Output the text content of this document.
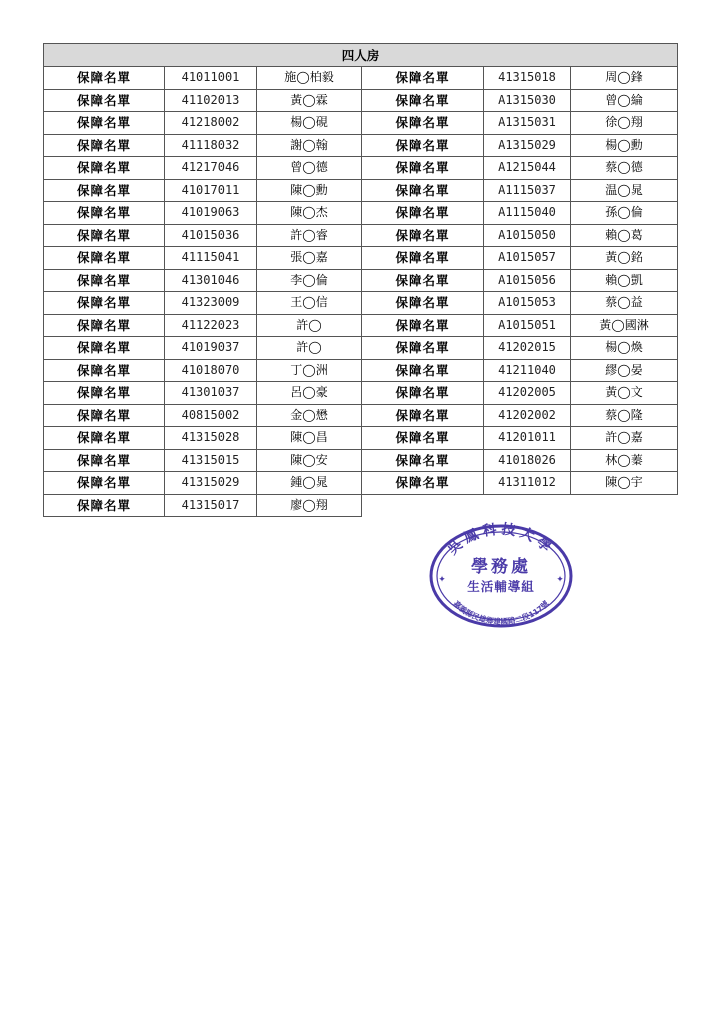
四人房					
保障名單	41011001	施◯柏毅	保障名單	41315018	周◯鋒
保障名單	41102013	黃◯霖	保障名單	A1315030	曾◯綸
保障名單	41218002	楊◯硯	保障名單	A1315031	徐◯翔
保障名單	41118032	謝◯翰	保障名單	A1315029	楊◯勳
保障名單	41217046	曾◯德	保障名單	A1215044	蔡◯德
保障名單	41017011	陳◯勳	保障名單	A1115037	温◯晁
保障名單	41019063	陳◯杰	保障名單	A1115040	孫◯倫
保障名單	41015036	許◯睿	保障名單	A1015050	賴◯葛
保障名單	41115041	張◯嘉	保障名單	A1015057	黃◯銘
保障名單	41301046	李◯倫	保障名單	A1015056	賴◯凱
保障名單	41323009	王◯信	保障名單	A1015053	蔡◯益
保障名單	41122023	許◯	保障名單	A1015051	黃◯國淋
保障名單	41019037	許◯	保障名單	41202015	楊◯煥
保障名單	41018070	丁◯洲	保障名單	41211040	繆◯晏
保障名單	41301037	呂◯豪	保障名單	41202005	黃◯文
保障名單	40815002	金◯懋	保障名單	41202002	蔡◯隆
保障名單	41315028	陳◯昌	保障名單	41201011	許◯嘉
保障名單	41315015	陳◯安	保障名單	41018026	林◯蓁
保障名單	41315029	鍾◯晁	保障名單	41311012	陳◯宇
保障名單	41315017	廖◯翔			
吳鳳科技大學
學務處
生活輔導組
嘉義縣民雄鄉建國路二段117號
✦	✦
